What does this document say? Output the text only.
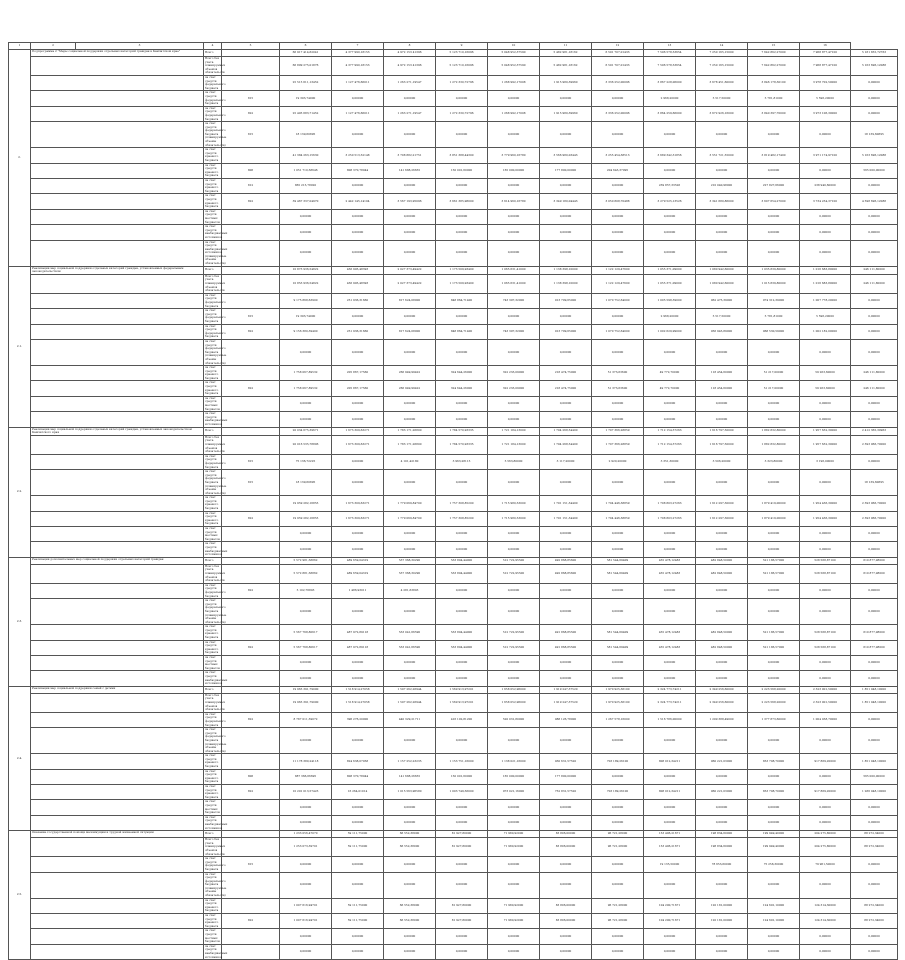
1	2	3	4	5	6	7	8	9	10	11	12	13	14	15	16	
2.	Подпрограмма 2 "Меры социальной поддержки отдельных категорий граждан в Камчатском крае"		Всего		66 917 414,62041	4 377 990,18153	4 972 153 41396	5 123 710,16096	5 048 952,37590	5 482 981,18162	6 591 707,01433	7 596 578,53654	7 250 165,15000	7 642 862,27000	7 968 877,47100	5 181 855,72763
			Всего без учета планируемых объемов обязательств		66 899 275,01876	4 377 990,18153	4 972 153 41396	5 123 710,16096	5 048 952,37590	5 482 981,18162	6 591 707,01433	7 596 578,53654	7 250 165,15000	7 642 862,27000	7 968 877,47100	5 163 696,12088
			за счет средств федерального бюджета		25 515 611,13452	1 127 476,66011	1 263 271,19547	1 272 330,72796	1 268 992,17008	1 915 980,39960	3 336 252,00096	3 867 228,06000	3 678 451,60000	3 846 178,30100	3 978 702,50000	0,00000
			за счет средств федерального бюджета	815	19 393,74900	0,00000	0,00000	0,00000	0,00000	0,00000	0,00000	2 968,20000	5 517,50000	5 781,81000	5 596,20000	0,00000
			за счет средств федерального бюджета	822	25 495 683,71452	1 127 476,66011	1 263 271,19547	1 272 330,72796	1 268 992,17008	1 915 980,39960	3 336 252,00096	3 864 259,66000	3 672 926,16000	3 840 397,70000	3 973 106,30000	0,00000
			за счет средств федерального бюджета (планируемые объемы обязательств)	815	18 139,60895	0,00000	0,00000	0,00000	0,00000	0,00000	0,00000	0,00000	0,00000	0,00000	0,00000	18 139,60895
			за счет средств краевого бюджета		41 384 263,15630	3 250 513,52148	3 708 882,21751	3 851 388,44300	3 779 960,16780	3 566 980,03443	3 255 454,38513	3 689 342,31856	3 551 721,55000	3 819 482,17400	3 971 174,97100	5 163 696,12088
			за счет средств краевого бюджета	806	1 051 710,58646	808 370,78044	141 688,26655	150 001,60000	165 000,00000	177 800,00000	204 643,37995	0,00000	0,00000	0,00000	0,00000	565 000,00000
			за счет средств краевого бюджета	812	865 215,78020	0,00000	0,00000	0,00000	0,00000	0,00000	0,00000	239 857,33526	210 040,98000	227 827,66000	238 940,60000	0,00000
			за счет средств краевого бюджета	822	39 467 337,04970	2 442 145,14104	3 567 193,95096	3 661 385,98000	3 614 960,16780	3 349 180,04443	3 050 808,70488	3 279 525,13526	3 341 680,86000	3 607 654,27000	3 734 234,37100	4 598 696,12088
			за счет средств местных бюджетов		0,00000	0,00000	0,00000	0,00000	0,00000	0,00000	0,00000	0,00000	0,00000	0,00000	0,00000	0,00000
			за счет средств внебюджетных источников		0,00000	0,00000	0,00000	0,00000	0,00000	0,00000	0,00000	0,00000	0,00000	0,00000	0,00000	0,00000
			за счет средств внебюджетных источников (планируемые объемы обязательств)		0,00000	0,00000	0,00000	0,00000	0,00000	0,00000	0,00000	0,00000	0,00000	0,00000	0,00000	0,00000
2.1.	Реализация мер социальной поддержки отдельных категорий граждан, установленных федеральным законодательством		Всего		10 873 936,54822	456 995,48393	2 027 373,49422	1 173 509,93400	1 065 631,41000	1 138 398,10000	1 122 129,47600	1 055 371,09000	1 080 942,60000	1 035 839,80000	1 016 683,80000	246 111,80000
			Всего без учета планируемых объемов обязательств		10 853 936,54822	456 995,48393	2 027 373,49422	1 173 509,93400	1 065 631,41000	1 138 398,10000	1 122 129,47600	1 055 371,09000	1 080 942,60000	1 015 839,80000	1 016 683,80000	246 111,80000
			за счет средств федерального бюджета		9 175 868,63900	251 936,31660	817 624,08000	848 864,71400	743 397,32000	913 709,65000	1 070 752,64000	1 005 598,39000	962 475,39000	974 312,39000	1 007 778,20000	0,00000
			за счет средств федерального бюджета	815	19 393,74900	0,00000	0,00000	0,00000	0,00000	0,00000	0,00000	2 968,20000	5 517,50000	5 781,81000	5 596,20000	0,00000
			за счет средств федерального бюджета	822	9 156 380,39400	251 936,31660	817 624,08000	848 864,71400	743 397,32000	913 709,65000	1 070 752,64000	1 002 629,99000	956 945,89000	968 530,59000	1 002 182,00000	0,00000
			за счет средств федерального бюджета (планируемые объемы обязательств)		0,00000	0,00000	0,00000	0,00000	0,00000	0,00000	0,00000	0,00000	0,00000	0,00000	0,00000	0,00000
			за счет средств краевого бюджета		1 758 067,89532	205 867,17560	266 949,99422	324 644,26000	322 233,09000	218 474,75000	51 373,63600	49 772,70000	118 454,60000	51 217,00000	59 263,60000	246 111,80000
			за счет средств краевого бюджета	822	1 758 067,89532	205 867,17560	266 949,99422	324 644,26000	322 233,09000	218 474,75000	51 373,63600	49 772,70000	118 454,60000	51 217,00000	59 263,60000	246 111,80000
			за счет средств местных бюджетов		0,00000	0,00000	0,00000	0,00000	0,00000	0,00000	0,00000	0,00000	0,00000	0,00000	0,00000	0,00000
			за счет средств внебюджетных источников		0,00000	0,00000	0,00000	0,00000	0,00000	0,00000	0,00000	0,00000	0,00000	0,00000	0,00000	0,00000
2.2.	Реализация мер социальной поддержки отдельных категорий граждан, установленных законодательством Камчатского края		Всего		20 034 675,39671	1 673 309,63271	1 783 171,26800	1 784 570,93335	1 721 184,13000	1 794 268,54400	1 707 366,28859	1 712 154,57263	1 616 797,50000	1 882 832,80000	1 957 632,30000	2 412 365,30963
			Всего без учета планируемых объемов обязательств		20 016 535,78806	1 673 309,63271	1 783 171,26800	1 784 570,93335	1 721 184,13000	1 794 268,54400	1 707 366,28859	1 712 154,57263	1 616 797,50000	1 882 832,80000	1 957 632,30000	2 393 966,70000
			за счет средств федерального бюджета	815	75 136,72225	0,00000	4 101,42180	3 963,28115	5 563,80000	3 117,20000	2 920,20000	3 351,30000	3 506,20000	3 323,80000	3 196,00000	0,00000
			за счет средств федерального бюджета (планируемые объемы обязательств)	815	18 139,60895	0,00000	0,00000	0,00000	0,00000	0,00000	0,00000	0,00000	0,00000	0,00000	0,00000	18 139,60895
			за счет средств краевого бюджета		19 959 282,16855	1 673 309,63271	1 779 069,84700	1 757 308,85200	1 715 980,53000	1 791 151,34400	1 704 446,38859	1 708 803,27263	1 612 297,30000	1 879 419,00000	1 954 436,30000	2 393 966,70000
			за счет средств краевого бюджета	822	19 959 282,16855	1 673 309,63271	1 779 069,84700	1 757 308,85200	1 715 980,53000	1 791 151,34400	1 704 446,38859	1 708 803,27263	1 612 297,30000	1 879 419,00000	1 954 436,30000	2 393 966,70000
			за счет средств местных бюджетов		0,00000	0,00000	0,00000	0,00000	0,00000	0,00000	0,00000	0,00000	0,00000	0,00000	0,00000	0,00000
			за счет средств внебюджетных источников		0,00000	0,00000	0,00000	0,00000	0,00000	0,00000	0,00000	0,00000	0,00000	0,00000	0,00000	0,00000
2.3.	Реализация дополнительных мер социальной поддержки отдельных категорий граждан		Всего		5 572 981,58862	489 659,04319	537 368,30290	533 804,44900	512 722,95500	492 868,85600	581 544,69409	455 478,12483	482 848,50000	521 186,57000	528 568,87100	610 877,98000
			Всего без учета планируемых объемов обязательств		5 572 881,58862	489 659,04319	537 368,30290	533 804,44900	512 722,95500	492 868,85600	581 544,69409	455 478,12483	482 848,50000	521 186,57000	528 568,87100	610 877,98000
			за счет средств федерального бюджета	822	5 102,76803	1 486,93011	4 281,63803	0,00000	0,00000	0,00000	0,00000	0,00000	0,00000	0,00000	0,00000	0,00000
			за счет средств федерального бюджета (планируемые объемы обязательств)		0,00000	0,00000	0,00000	0,00000	0,00000	0,00000	0,00000	0,00000	0,00000	0,00000	0,00000	0,00000
			за счет средств краевого бюджета		5 567 768,80617	487 972,89118	533 041,66590	533 804,44900	512 722,95500	491 868,85500	581 544,69409	455 478,12483	482 848,50000	521 186,57000	528 568,87100	610 877,98000
			за счет средств краевого бюджета	822	5 567 768,80617	487 972,89118	533 041,66590	533 804,44900	512 722,95500	491 868,85500	581 544,69409	455 478,12483	482 848,50000	521 186,57000	528 568,87100	610 877,98000
			за счет средств местных бюджетов		0,00000	0,00000	0,00000	0,00000	0,00000	0,00000	0,00000	0,00000	0,00000	0,00000	0,00000	0,00000
			за счет средств внебюджетных источников		0,00000	0,00000	0,00000	0,00000	0,00000	0,00000	0,00000	0,00000	0,00000	0,00000	0,00000	0,00000
2.4.	Реализация мер социальной поддержки семей с детьми		Всего		19 965 391,79090	1 518 914,27058	1 597 262,26944	1 569 913,97201	1 658 052,96000	1 919 247,37520	1 970 925,36100	2 324 773,74211	2 349 256,60000	2 223 568,20000	2 323 901,50000	1 851 048,10000
			Всего без учета планируемых объемов обязательств		19 965 391,79090	1 518 914,27058	1 597 262,26944	1 569 913,97201	1 658 052,96000	1 919 247,37520	1 970 925,36100	2 324 773,74211	2 349 256,60000	2 223 568,20000	2 323 901,50000	1 851 048,10000
			за счет средств федерального бюджета	822	8 787 011,59072	396 276,20000	440 329,21711	416 102,81200	520 031,80000	988 126,78000	1 267 578,16000	1 516 786,00000	1 299 388,49000	1 377 873,60000	1 004 038,70000	0,00000
			за счет средств федерального бюджета (планируемые объемы обязательств)		0,00000	0,00000	0,00000	0,00000	0,00000	0,00000	0,00000	0,00000	0,00000	0,00000	0,00000	0,00000
			за счет средств краевого бюджета		11 178 380,24118	824 638,07058	1 157 252,23235	1 153 751,16000	1 138 021,16000	930 631,57520	703 189,26100	808 012,34211	960 221,03000	853 708,70000	917 869,20000	1 851 048,10000
			за счет средств краевого бюджета	806	887 366,66695	808 370,78044	141 688,26655	150 001,60000	165 000,00000	177 800,00000	0,00000	0,00000	0,00000	0,00000	0,00000	565 000,00000
			за счет средств краевого бюджета	822	10 291 013,57423	16 264,01014	1 015 563,96580	1 003 749,56000	973 021,16000	752 831,57520	703 189,26100	808 012,34211	960 221,03000	853 708,70000	917 869,20000	1 286 048,10000
			за счет средств местных бюджетов		0,00000	0,00000	0,00000	0,00000	0,00000	0,00000	0,00000	0,00000	0,00000	0,00000	0,00000	0,00000
			за счет средств внебюджетных источников		0,00000	0,00000	0,00000	0,00000	0,00000	0,00000	0,00000	0,00000	0,00000	0,00000	0,00000	0,00000
2.5.	Оказание государственной помощи малоимущим и трудной жизненной ситуации		Всего		1 233 056,47070	59 111,75000	66 552,38000	81 927,80000	71 980,92000	83 806,00000	96 721,28000	153 406,21671	198 834,60000	199 949,40000	204 275,80000	88 272,34000
			Всего без учета планируемых объемов обязательств		1 253 073,39701	59 111,75000	66 552,38000	81 927,80000	71 980,92000	83 806,00000	96 721,28000	153 406,21671	198 834,60000	199 949,40000	204 275,80000	88 272,34000
			за счет средств федерального бюджета	815	0,00000	0,00000	0,00000	0,00000	0,00000	0,00000	0,00000	19 135,50000	78 653,60000	75 258,30000	79 961,50000	0,00000
			за счет средств федерального бюджета (планируемые объемы обязательств)		0,00000	0,00000	0,00000	0,00000	0,00000	0,00000	0,00000	0,00000	0,00000	0,00000	0,00000	0,00000
			за счет средств краевого бюджета		1 007 616,94701	59 111,75000	66 552,38000	81 927,80000	71 980,92000	83 806,00000	96 721,28000	104 290,71671	120 181,00000	124 691,10000	124 314,30000	88 272,34000
			за счет средств краевого бюджета	822	1 007 616,94701	59 111,75000	66 552,38000	81 927,80000	71 980,92000	83 806,00000	96 721,28000	104 290,71671	120 181,00000	124 691,10000	124 314,30000	88 272,34000
			за счет средств местных бюджетов		0,00000	0,00000	0,00000	0,00000	0,00000	0,00000	0,00000	0,00000	0,00000	0,00000	0,00000	0,00000
			за счет средств внебюджетных источников		0,00000	0,00000	0,00000	0,00000	0,00000	0,00000	0,00000	0,00000	0,00000	0,00000	0,00000	0,00000
